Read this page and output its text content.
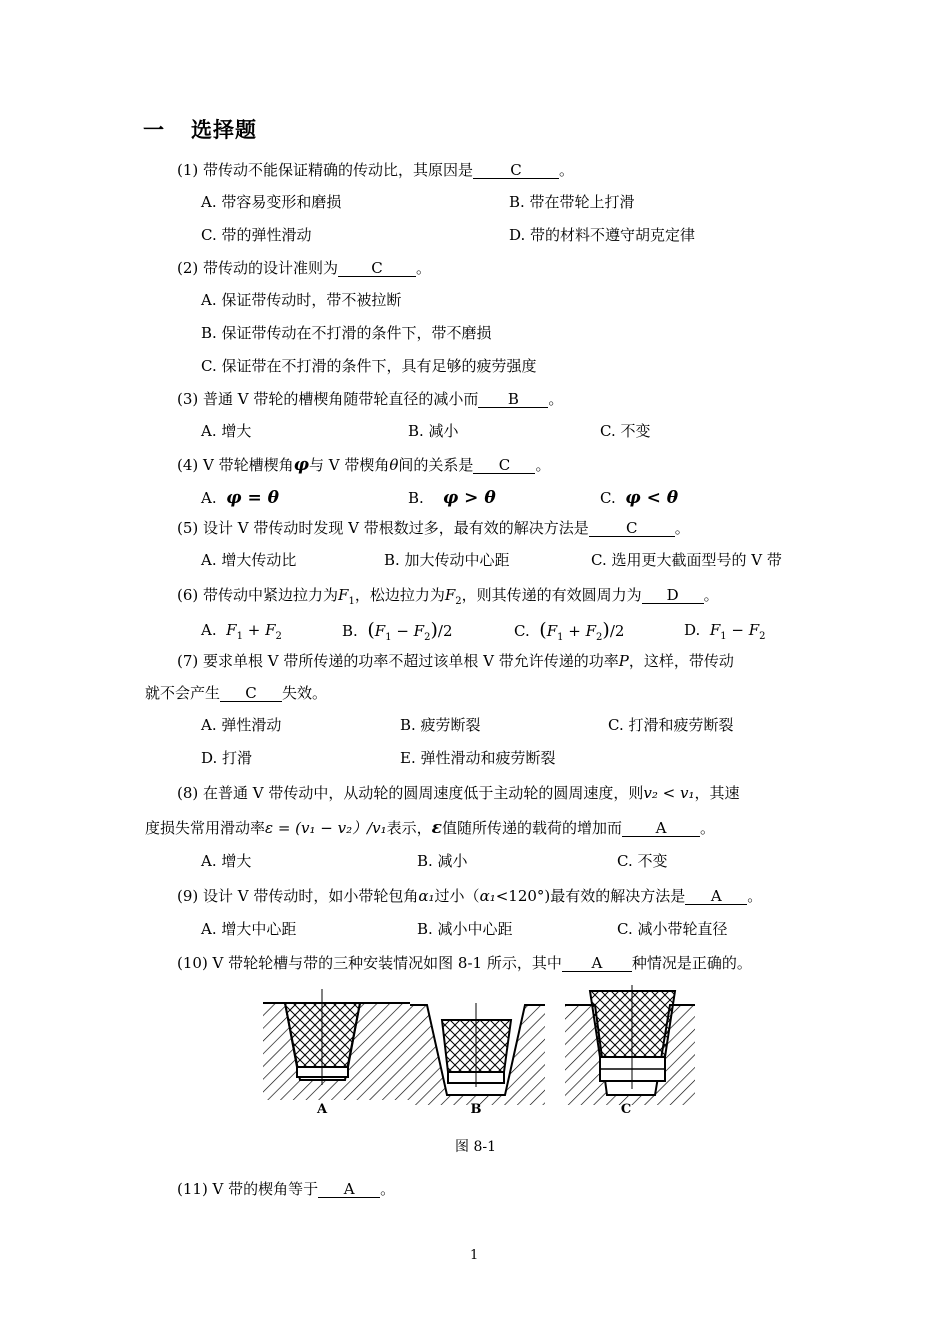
一 选择题
(1) 带传动不能保证精确的传动比，其原因是 C 。
A. 带容易变形和磨损	B. 带在带轮上打滑
C. 带的弹性滑动	D. 带的材料不遵守胡克定律
(2) 带传动的设计准则为 C 。
A. 保证带传动时，带不被拉断
B. 保证带传动在不打滑的条件下，带不磨损
C. 保证带在不打滑的条件下，具有足够的疲劳强度
(3) 普通 V 带轮的槽楔角随带轮直径的减小而 B 。
A. 增大	B. 减小	C. 不变
(4) V 带轮槽楔角φ与 V 带楔角θ间的关系是 C 。
A. φ = θ	B. φ > θ	C. φ < θ
(5) 设计 V 带传动时发现 V 带根数过多，最有效的解决方法是 C 。
A. 增大传动比	B. 加大传动中心距	C. 选用更大截面型号的 V 带
(6) 带传动中紧边拉力为$F_1$，松边拉力为$F_2$，则其传递的有效圆周力为 D 。
A. $F_1 + F_2$	B. $(F_1 - F_2)/2$	C. $(F_1 + F_2)/2$	D. $F_1 - F_2$
(7) 要求单根 V 带所传递的功率不超过该单根 V 带允许传递的功率P，这样，带传动
就不会产生 C 失效。
A. 弹性滑动	B. 疲劳断裂	C. 打滑和疲劳断裂
D. 打滑	E. 弹性滑动和疲劳断裂
(8) 在普通 V 带传动中，从动轮的圆周速度低于主动轮的圆周速度，则v₂ < v₁，其速
度损失常用滑动率ε = (v₁ − v₂）/v₁表示，ε值随所传递的载荷的增加而 A 。
A. 增大	B. 减小	C. 不变
(9) 设计 V 带传动时，如小带轮包角α₁过小（α₁<120°)最有效的解决方法是 A 。
A. 增大中心距	B. 减小中心距	C. 减小带轮直径
(10) V 带轮轮槽与带的三种安装情况如图 8-1 所示，其中 A 种情况是正确的。
A	B	C
图 8-1
(11) V 带的楔角等于 A 。
1
